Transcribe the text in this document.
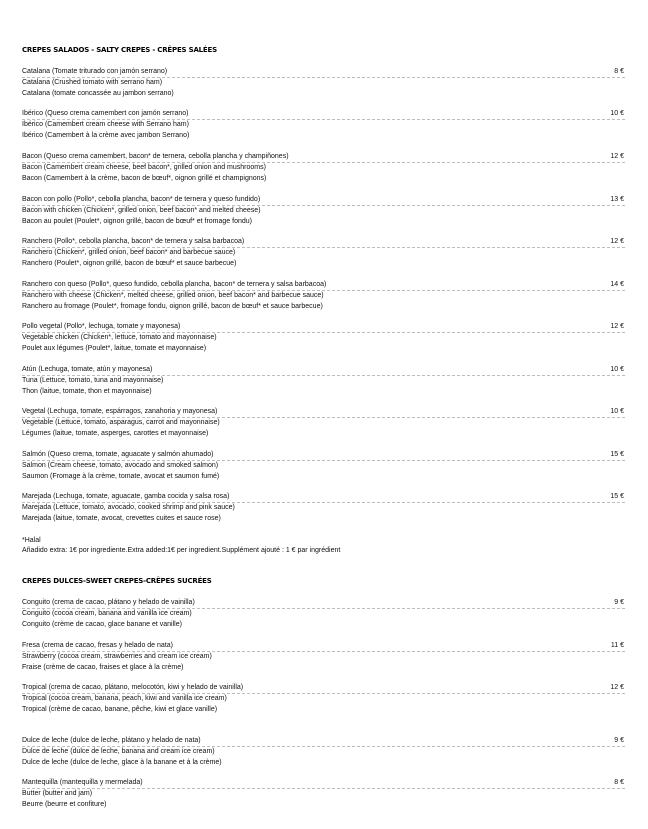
CREPES SALADOS - SALTY CREPES - CRÊPES SALÉES
Catalana (Tomate triturado con jamón serrano)	8 €
Catalana (Crushed tomato with serrano ham)
Catalana (tomate concassée au jambon serrano)
Ibérico (Queso crema camembert con jamón serrano)	10 €
Ibérico (Camembert cream cheese with Serrano ham)
Ibérico (Camembert à la crème avec jambon Serrano)
Bacon (Queso crema camembert, bacon* de ternera, cebolla plancha y champiñones)	12 €
Bacon (Camembert cream cheese, beef bacon*, grilled onion and mushrooms)
Bacon (Camembert à la crème, bacon de bœuf*, oignon grillé et champignons)
Bacon con pollo (Pollo*, cebolla plancha, bacon* de ternera y queso fundido)	13 €
Bacon with chicken (Chicken*, grilled onion, beef bacon* and melted cheese)
Bacon au poulet (Poulet*, oignon grillé, bacon de bœuf* et fromage fondu)
Ranchero (Pollo*, cebolla plancha, bacon* de ternera y salsa barbacoa)	12 €
Ranchero (Chicken*, grilled onion, beef bacon* and barbecue sauce)
Ranchero (Poulet*, oignon grillé, bacon de bœuf* et sauce barbecue)
Ranchero con queso (Pollo*, queso fundido, cebolla plancha, bacon* de ternera y salsa barbacoa)	14 €
Ranchero with cheese (Chicken*, melted cheese, grilled onion, beef bacon* and barbecue sauce)
Ranchero au fromage (Poulet*, fromage fondu, oignon grillé, bacon de bœuf* et sauce barbecue)
Pollo vegetal (Pollo*, lechuga, tomate y mayonesa)	12 €
Vegetable chicken (Chicken*, lettuce, tomato and mayonnaise)
Poulet aux légumes (Poulet*, laitue, tomate et mayonnaise)
Atún (Lechuga, tomate, atún y mayonesa)	10 €
Tuna (Lettuce, tomato, tuna and mayonnaise)
Thon (laitue, tomate, thon et mayonnaise)
Vegetal (Lechuga, tomate, espárragos, zanahoria y mayonesa)	10 €
Vegetable (Lettuce, tomato, asparagus, carrot and mayonnaise)
Légumes (laitue, tomate, asperges, carottes et mayonnaise)
Salmón (Queso crema, tomate, aguacate y salmón ahumado)	15 €
Salmon (Cream cheese, tomato, avocado and smoked salmon)
Saumon (Fromage à la crème, tomate, avocat et saumon fumé)
Marejada (Lechuga, tomate, aguacate, gamba cocida y salsa rosa)	15 €
Marejada (Lettuce, tomato, avocado, cooked shrimp and pink sauce)
Marejada (laitue, tomate, avocat, crevettes cuites et sauce rose)
*Halal
Añadido extra: 1€ por ingrediente.Extra added:1€ per ingredient.Supplément ajouté : 1 € par ingrédient
CREPES DULCES-SWEET CREPES-CRÊPES SUCRÉES
Conguito (crema de cacao, plátano y helado de vainilla)	9 €
Conguito (cocoa cream, banana and vanilla ice cream)
Conguito (crème de cacao, glace banane et vanille)
Fresa (crema de cacao, fresas y helado de nata)	11 €
Strawberry (cocoa cream, strawberries and cream ice cream)
Fraise (crème de cacao, fraises et glace à la crème)
Tropical (crema de cacao, plátano, melocotón, kiwi y helado de vainilla)	12 €
Tropical (cocoa cream, banana, peach, kiwi and vanilla ice cream)
Tropical (crème de cacao, banane, pêche, kiwi et glace vanille)
Dulce de leche (dulce de leche, plátano y helado de nata)	9 €
Dulce de leche (dulce de leche, banana and cream ice cream)
Dulce de leche (dulce de leche, glace à la banane et à la crème)
Mantequilla (mantequilla y mermelada)	8 €
Butter (butter and jam)
Beurre (beurre et confiture)
